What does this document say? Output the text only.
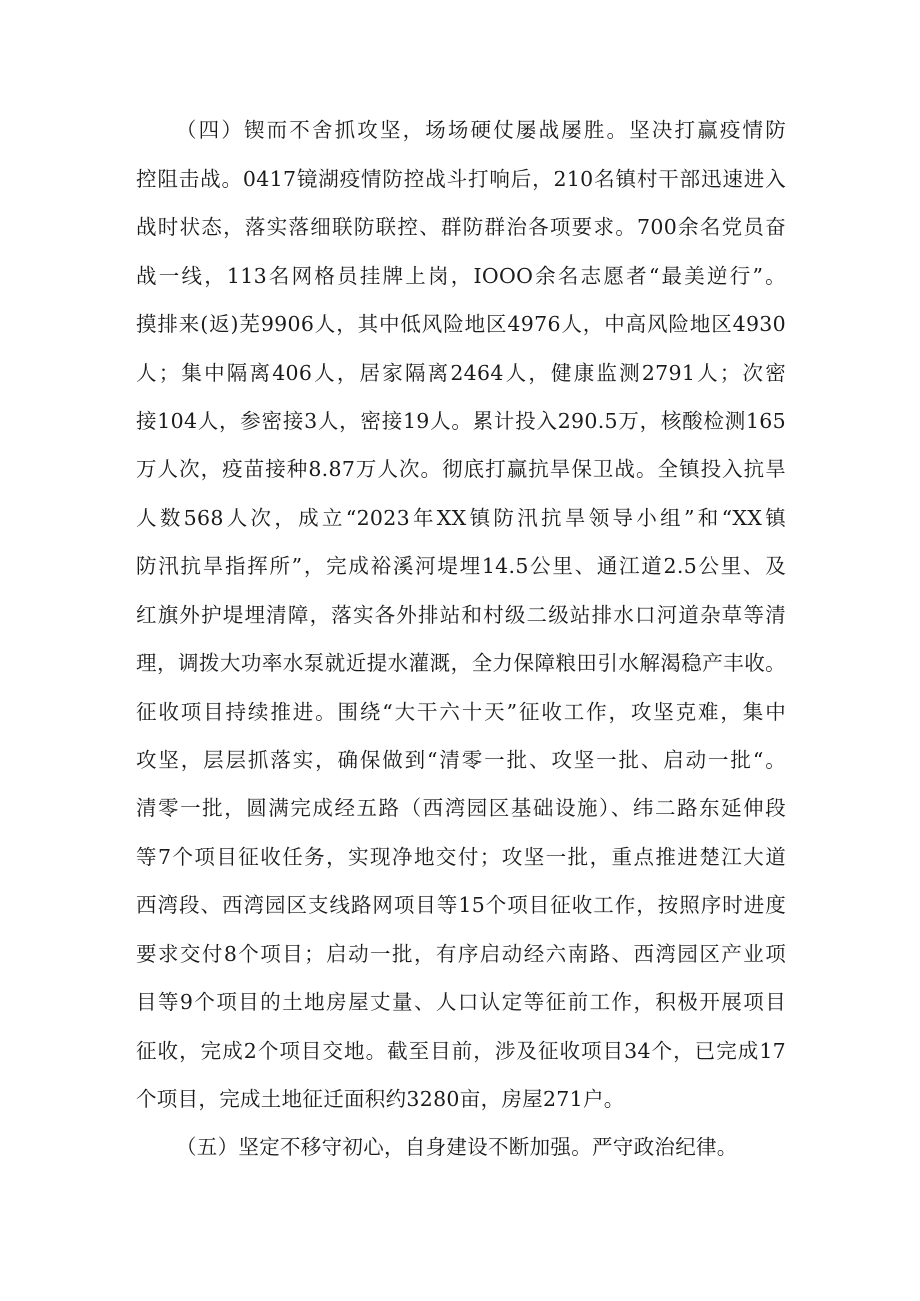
（四）锲而不舍抓攻坚，场场硬仗屡战屡胜。坚决打赢疫情防
控阻击战。0417镜湖疫情防控战斗打响后，210名镇村干部迅速进入
战时状态，落实落细联防联控、群防群治各项要求。700余名党员奋
战一线，113名网格员挂牌上岗，IOOO余名志愿者“最美逆行”。
摸排来(返)芜9906人，其中低风险地区4976人，中高风险地区4930
人；集中隔离406人，居家隔离2464人，健康监测2791人；次密
接104人，参密接3人，密接19人。累计投入290.5万，核酸检测165
万人次，疫苗接种8.87万人次。彻底打赢抗旱保卫战。全镇投入抗旱
人数568人次，成立“2023年XX镇防汛抗旱领导小组”和“XX镇
防汛抗旱指挥所”，完成裕溪河堤埋14.5公里、通江道2.5公里、及
红旗外护堤埋清障，落实各外排站和村级二级站排水口河道杂草等清
理，调拨大功率水泵就近提水灌溉，全力保障粮田引水解渴稳产丰收。
征收项目持续推进。围绕“大干六十天”征收工作，攻坚克难，集中
攻坚，层层抓落实，确保做到“清零一批、攻坚一批、启动一批“。
清零一批，圆满完成经五路（西湾园区基础设施）、纬二路东延伸段
等7个项目征收任务，实现净地交付；攻坚一批，重点推进楚江大道
西湾段、西湾园区支线路网项目等15个项目征收工作，按照序时进度
要求交付8个项目；启动一批，有序启动经六南路、西湾园区产业项
目等9个项目的土地房屋丈量、人口认定等征前工作，积极开展项目
征收，完成2个项目交地。截至目前，涉及征收项目34个，已完成17
个项目，完成土地征迁面积约3280亩，房屋271户。
（五）坚定不移守初心，自身建设不断加强。严守政治纪律。
